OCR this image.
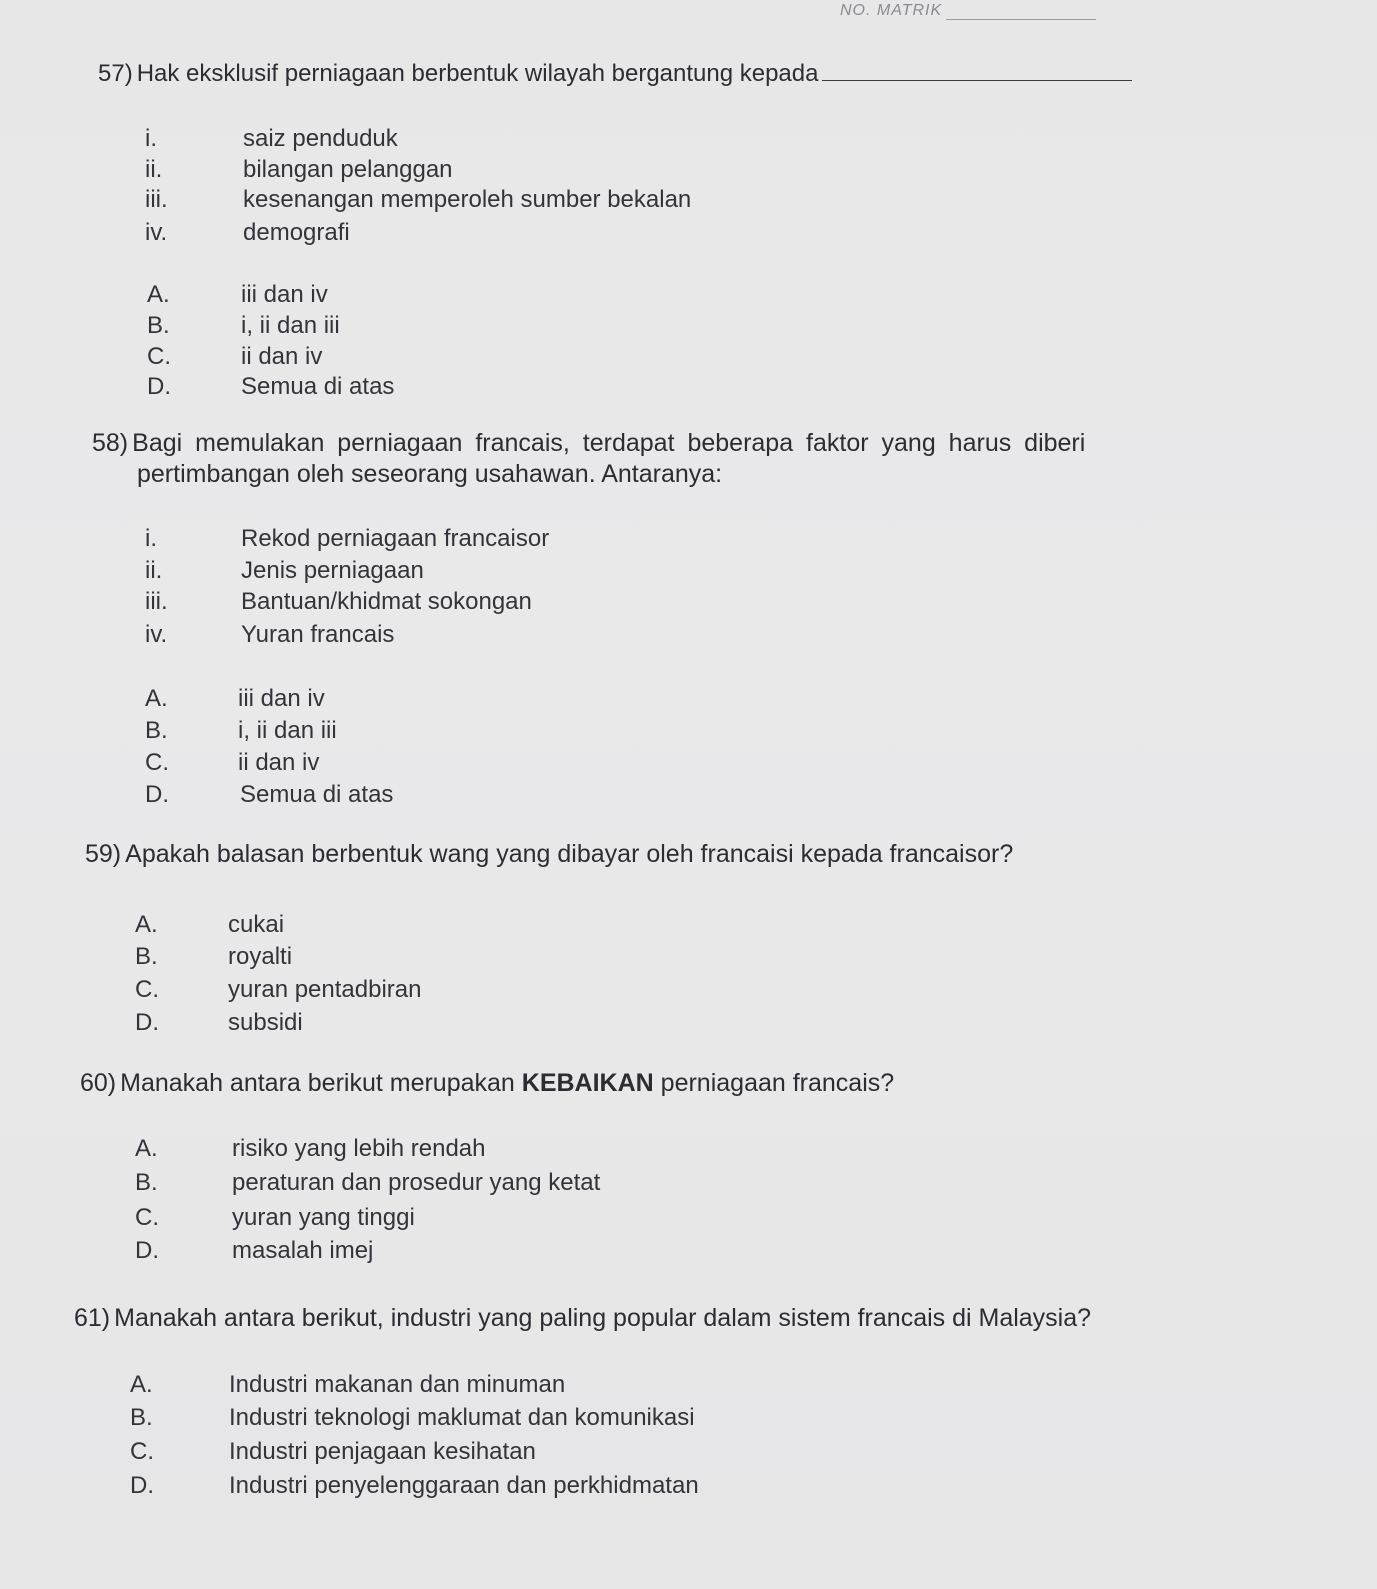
NO. MATRIK
57) Hak eksklusif perniagaan berbentuk wilayah bergantung kepada
i.	saiz penduduk
ii.	bilangan pelanggan
iii.	kesenangan memperoleh sumber bekalan
iv.	demografi
A.	iii dan iv
B.	i, ii dan iii
C.	ii dan iv
D.	Semua di atas
58) Bagi memulakan perniagaan francais, terdapat beberapa faktor yang harus diberi
pertimbangan oleh seseorang usahawan. Antaranya:
i.	Rekod perniagaan francaisor
ii.	Jenis perniagaan
iii.	Bantuan/khidmat sokongan
iv.	Yuran francais
A.	iii dan iv
B.	i, ii dan iii
C.	ii dan iv
D.	Semua di atas
59) Apakah balasan berbentuk wang yang dibayar oleh francaisi kepada francaisor?
A.	cukai
B.	royalti
C.	yuran pentadbiran
D.	subsidi
60) Manakah antara berikut merupakan KEBAIKAN perniagaan francais?
A.	risiko yang lebih rendah
B.	peraturan dan prosedur yang ketat
C.	yuran yang tinggi
D.	masalah imej
61) Manakah antara berikut, industri yang paling popular dalam sistem francais di Malaysia?
A.	Industri makanan dan minuman
B.	Industri teknologi maklumat dan komunikasi
C.	Industri penjagaan kesihatan
D.	Industri penyelenggaraan dan perkhidmatan
